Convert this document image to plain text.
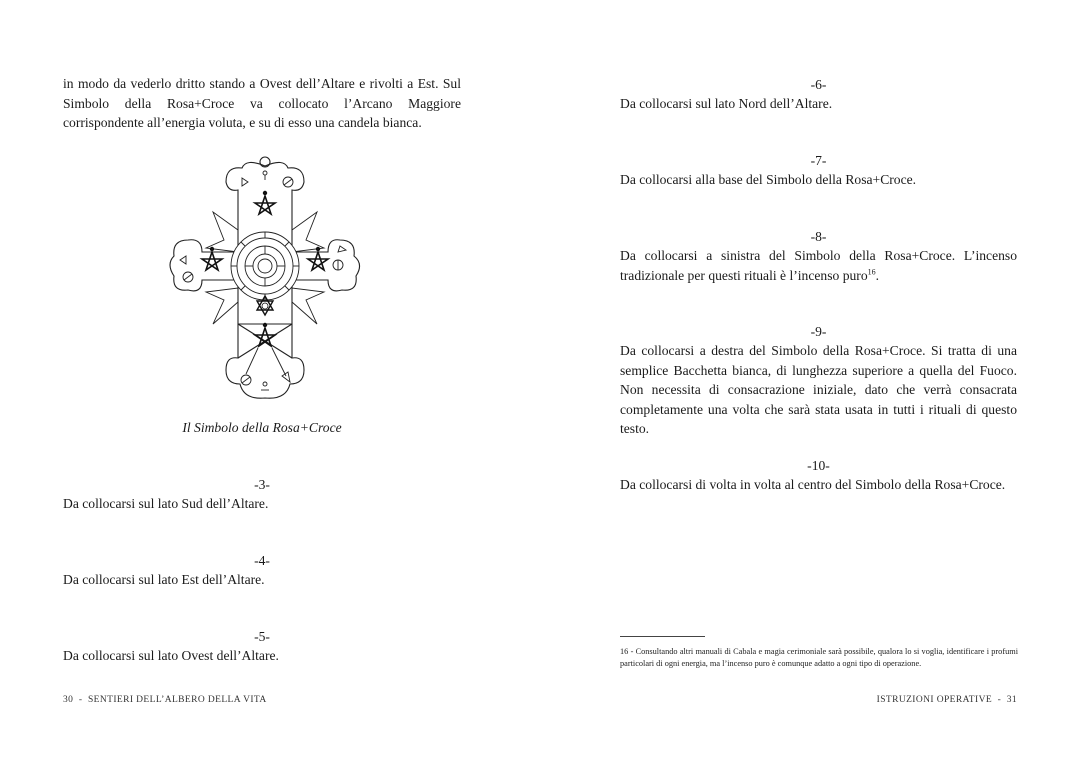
in modo da vederlo dritto stando a Ovest dell’Altare e rivolti a Est. Sul Simbolo della Rosa+Croce va collocato l’Arcano Maggiore corrispondente all’energia voluta, e su di esso una candela bianca.

Il Simbolo della Rosa+Croce
-3-
Da collocarsi sul lato Sud dell’Altare.
-4-
Da collocarsi sul lato Est dell’Altare.
-5-
Da collocarsi sul lato Ovest dell’Altare.
30  -  SENTIERI DELL’ALBERO DELLA VITA
-6-
Da collocarsi sul lato Nord dell’Altare.
-7-
Da collocarsi alla base del Simbolo della Rosa+Croce.
-8-
Da collocarsi a sinistra del Simbolo della Rosa+Croce. L’incenso tradizionale per questi rituali è l’incenso puro$^{16}$.
-9-
Da collocarsi a destra del Simbolo della Rosa+Croce. Si tratta di una semplice Bacchetta bianca, di lunghezza superiore a quella del Fuoco. Non necessita di consacrazione iniziale, dato che verrà consacrata completamente una volta che sarà stata usata in tutti i rituali di questo testo.
-10-
Da collocarsi di volta in volta al centro del Simbolo della Rosa+Croce.
16 - Consultando altri manuali di Cabala e magia cerimoniale sarà possibile, qualora lo si voglia, identificare i profumi particolari di ogni energia, ma l’incenso puro è comunque adatto a ogni tipo di operazione.
ISTRUZIONI OPERATIVE  -  31
